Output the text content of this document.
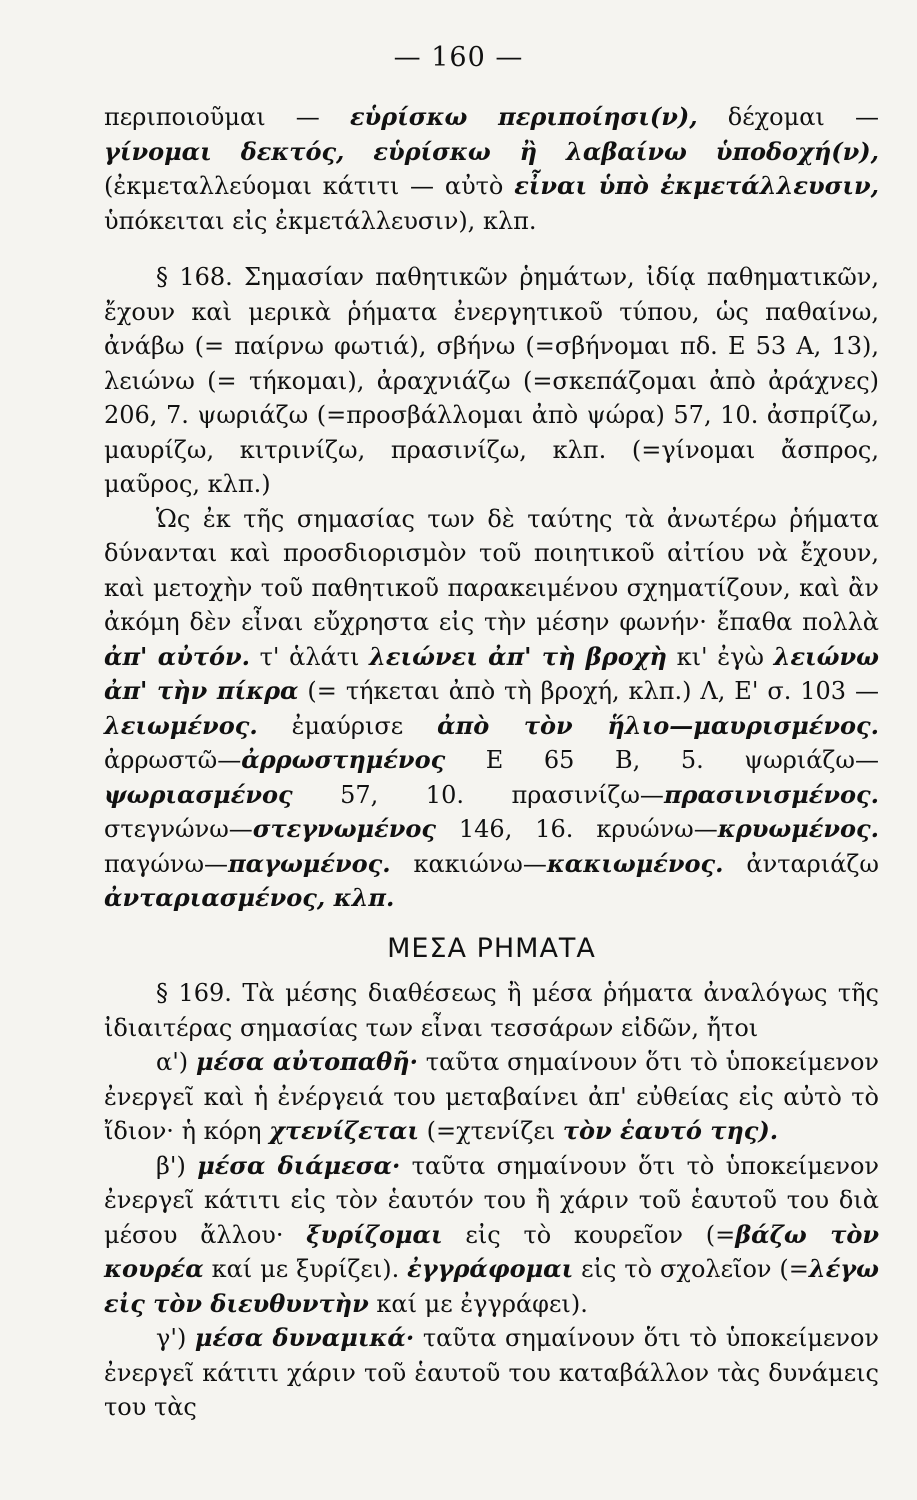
— 160 —

περιποιοῦμαι — εὑρίσκω περιποίησι(ν), δέχομαι — γίνομαι δεκτός, εὑρίσκω ἢ λαβαίνω ὑποδοχή(ν), (ἐκμεταλλεύομαι κάτιτι — αὐτὸ εἶναι ὑπὸ ἐκμετάλλευσιν, ὑπόκειται εἰς ἐκμετάλλευσιν), κλπ.

§ 168. Σημασίαν παθητικῶν ῥημάτων, ἰδίᾳ παθηματικῶν, ἔχουν καὶ μερικὰ ῥήματα ἐνεργητικοῦ τύπου, ὡς παθαίνω, ἀνάβω (= παίρνω φωτιά), σβήνω (=σβήνομαι πδ. Ε 53 Α, 13), λειώνω (= τήκομαι), ἀραχνιάζω (=σκεπάζομαι ἀπὸ ἀράχνες) 206, 7. ψωριάζω (=προσβάλλομαι ἀπὸ ψώρα) 57, 10. ἀσπρίζω, μαυρίζω, κιτρινίζω, πρασινίζω, κλπ. (=γίνομαι ἄσπρος, μαῦρος, κλπ.)

Ὡς ἐκ τῆς σημασίας των δὲ ταύτης τὰ ἀνωτέρω ῥήματα δύνανται καὶ προσδιορισμὸν τοῦ ποιητικοῦ αἰτίου νὰ ἔχουν, καὶ μετοχὴν τοῦ παθητικοῦ παρακειμένου σχηματίζουν, καὶ ἂν ἀκόμη δὲν εἶναι εὔχρηστα εἰς τὴν μέσην φωνήν· ἔπαθα πολλὰ ἀπ' αὐτόν. τ' ἁλάτι λειώνει ἀπ' τὴ βροχὴ κι' ἐγὼ λειώνω ἀπ' τὴν πίκρα (= τήκεται ἀπὸ τὴ βροχή, κλπ.) Λ, Ε' σ. 103 —λειωμένος. ἐμαύρισε ἀπὸ τὸν ἥλιο—μαυρισμένος. ἀρρωστῶ—ἀρρωστημένος Ε 65 Β, 5. ψωριάζω—ψωριασμένος 57, 10. πρασινίζω—πρασινισμένος. στεγνώνω—στεγνωμένος 146, 16. κρυώνω—κρυωμένος. παγώνω—παγωμένος. κακιώνω—κακιωμένος. ἀνταριάζω ἀνταριασμένος, κλπ.

ΜΕΣΑ ΡΗΜΑΤΑ

§ 169. Τὰ μέσης διαθέσεως ἢ μέσα ῥήματα ἀναλόγως τῆς ἰδιαιτέρας σημασίας των εἶναι τεσσάρων εἰδῶν, ἤτοι

α') μέσα αὐτοπαθῆ· ταῦτα σημαίνουν ὅτι τὸ ὑποκείμενον ἐνεργεῖ καὶ ἡ ἐνέργειά του μεταβαίνει ἀπ' εὐθείας εἰς αὐτὸ τὸ ἴδιον· ἡ κόρη χτενίζεται (=χτενίζει τὸν ἑαυτό της).

β') μέσα διάμεσα· ταῦτα σημαίνουν ὅτι τὸ ὑποκείμενον ἐνεργεῖ κάτιτι εἰς τὸν ἑαυτόν του ἢ χάριν τοῦ ἑαυτοῦ του διὰ μέσου ἄλλου· ξυρίζομαι εἰς τὸ κουρεῖον (=βάζω τὸν κουρέα καί με ξυρίζει). ἐγγράφομαι εἰς τὸ σχολεῖον (=λέγω εἰς τὸν διευθυντὴν καί με ἐγγράφει).

γ') μέσα δυναμικά· ταῦτα σημαίνουν ὅτι τὸ ὑποκείμενον ἐνεργεῖ κάτιτι χάριν τοῦ ἑαυτοῦ του καταβάλλον τὰς δυνάμεις του τὰς
